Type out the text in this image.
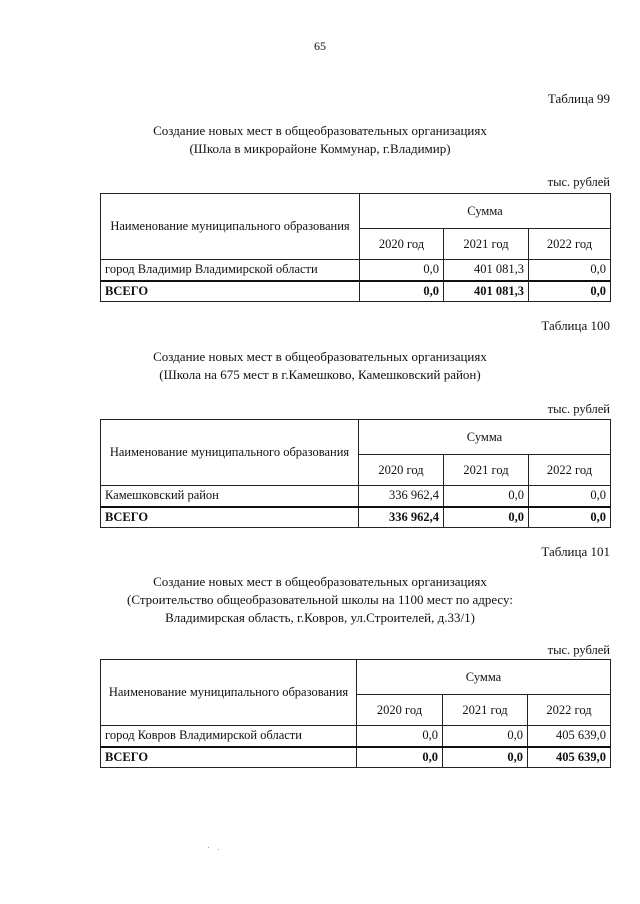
65
Таблица 99
Создание новых мест в общеобразовательных организациях
(Школа в микрорайоне Коммунар, г.Владимир)
тыс. рублей
Наименование муниципального образования	Сумма		
	2020 год	2021 год	2022 год
город Владимир Владимирской области	0,0	401 081,3	0,0
ВСЕГО	0,0	401 081,3	0,0
Таблица 100
Создание новых мест в общеобразовательных организациях
(Школа на 675 мест в г.Камешково, Камешковский район)
тыс. рублей
Наименование муниципального образования	Сумма		
	2020 год	2021 год	2022 год
Камешковский район	336 962,4	0,0	0,0
ВСЕГО	336 962,4	0,0	0,0
Таблица 101
Создание новых мест в общеобразовательных организациях
(Строительство общеобразовательной школы на 1100 мест по адресу:
Владимирская область, г.Ковров, ул.Строителей, д.33/1)
тыс. рублей
Наименование муниципального образования	Сумма		
	2020 год	2021 год	2022 год
город Ковров Владимирской области	0,0	0,0	405 639,0
ВСЕГО	0,0	0,0	405 639,0
